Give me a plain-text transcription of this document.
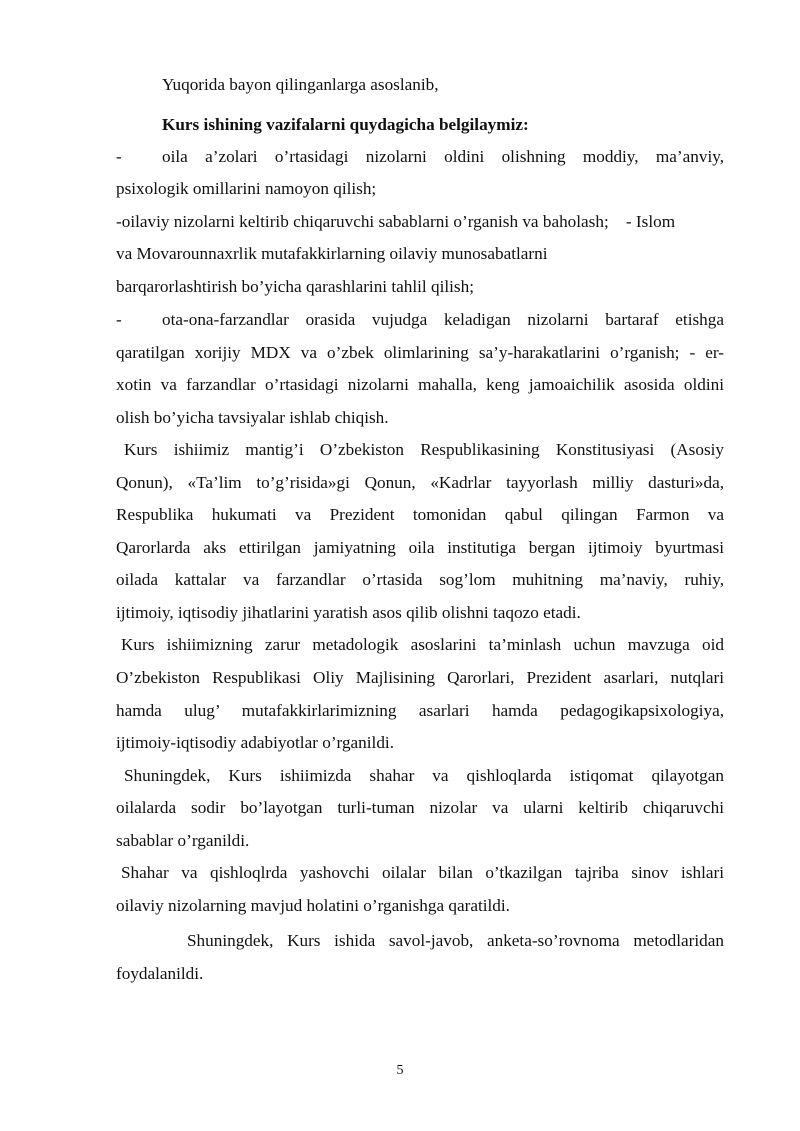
Yuqorida bayon qilinganlarga asoslanib,
Kurs ishining vazifalarni quydagicha belgilaymiz:
- oila a’zolari o’rtasidagi nizolarni oldini olishning moddiy, ma’anviy,
psixologik omillarini namoyon qilish;
-oilaviy nizolarni keltirib chiqaruvchi sabablarni o’rganish va baholash;    - Islom
va Movarounnaxrlik mutafakkirlarning oilaviy munosabatlarni
barqarorlashtirish bo’yicha qarashlarini tahlil qilish;
- ota-ona-farzandlar orasida vujudga keladigan nizolarni bartaraf etishga
qaratilgan xorijiy MDX va o’zbek olimlarining sa’y-harakatlarini o’rganish; - er-
xotin va farzandlar o’rtasidagi nizolarni mahalla, keng jamoaichilik asosida oldini
olish bo’yicha tavsiyalar ishlab chiqish.
Kurs ishiimiz mantig’i O’zbekiston Respublikasining Konstitusiyasi (Asosiy
Qonun), «Ta’lim to’g’risida»gi Qonun, «Kadrlar tayyorlash milliy dasturi»da,
Respublika hukumati va Prezident tomonidan qabul qilingan Farmon va
Qarorlarda aks ettirilgan jamiyatning oila institutiga bergan ijtimoiy byurtmasi
oilada kattalar va farzandlar o’rtasida sog’lom muhitning ma’naviy, ruhiy,
ijtimoiy, iqtisodiy jihatlarini yaratish asos qilib olishni taqozo etadi.
Kurs ishiimizning zarur metadologik asoslarini ta’minlash uchun mavzuga oid
O’zbekiston Respublikasi Oliy Majlisining Qarorlari, Prezident asarlari, nutqlari
hamda ulug’ mutafakkirlarimizning asarlari hamda pedagogikapsixologiya,
ijtimoiy-iqtisodiy adabiyotlar o’rganildi.
Shuningdek, Kurs ishiimizda shahar va qishloqlarda istiqomat qilayotgan
oilalarda sodir bo’layotgan turli-tuman nizolar va ularni keltirib chiqaruvchi
sabablar o’rganildi.
Shahar va qishloqlrda yashovchi oilalar bilan o’tkazilgan tajriba sinov ishlari
oilaviy nizolarning mavjud holatini o’rganishga qaratildi.
Shuningdek, Kurs ishida savol-javob, anketa-so’rovnoma metodlaridan
foydalanildi.
5
